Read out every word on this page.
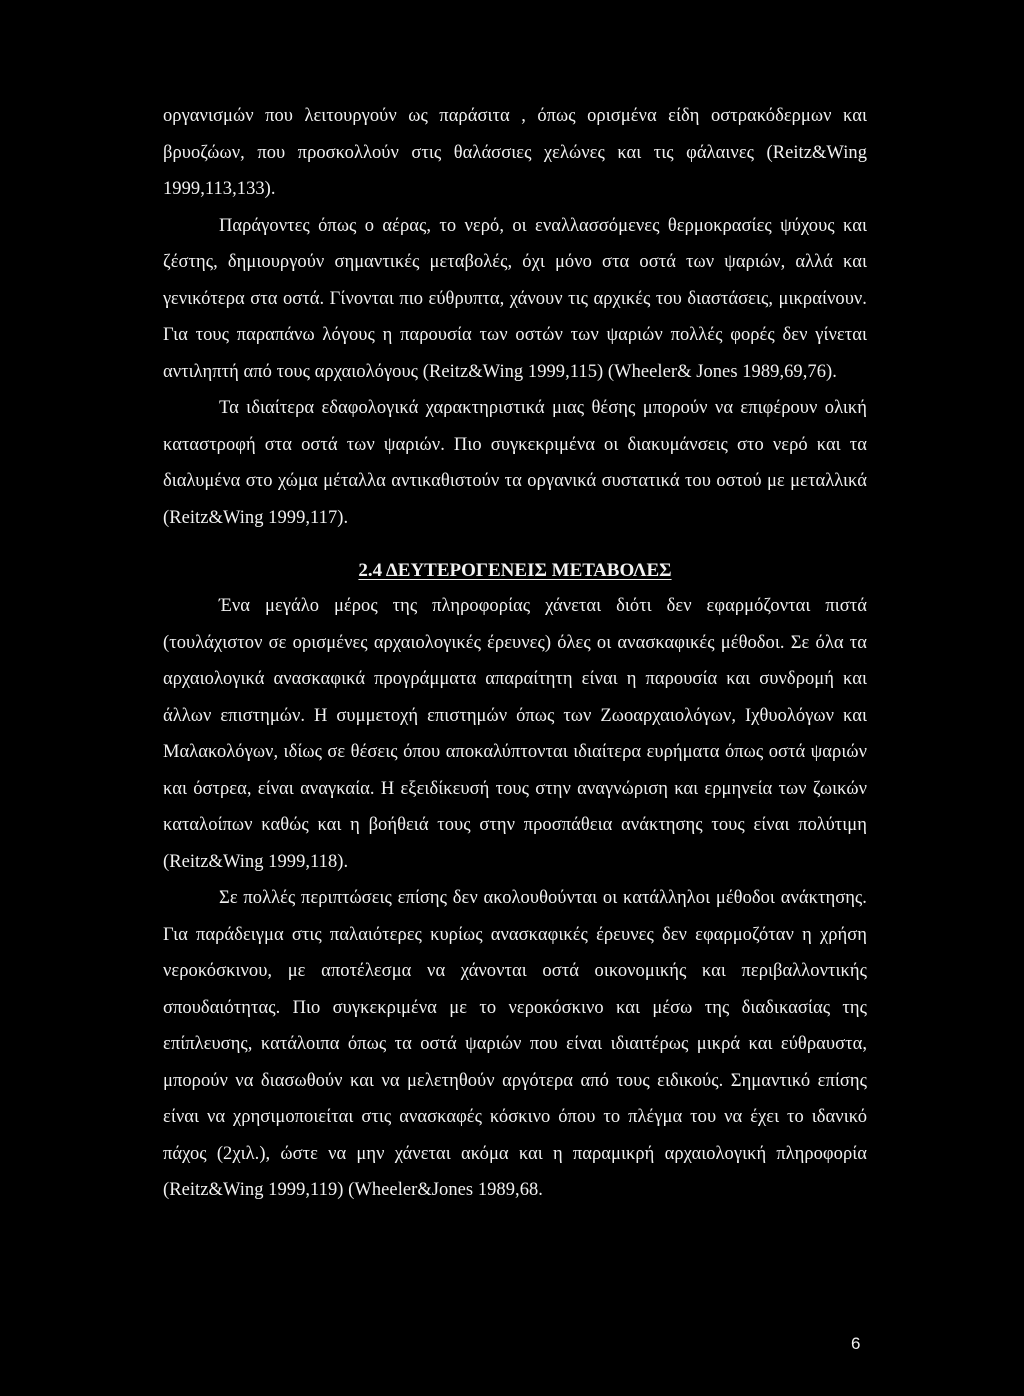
οργανισμών που λειτουργούν ως παράσιτα , όπως ορισμένα είδη οστρακόδερμων και βρυοζώων, που προσκολλούν στις θαλάσσιες χελώνες και τις φάλαινες (Reitz&Wing 1999,113,133).

Παράγοντες όπως ο αέρας, το νερό, οι εναλλασσόμενες θερμοκρασίες ψύχους και ζέστης, δημιουργούν σημαντικές μεταβολές, όχι μόνο στα οστά των ψαριών, αλλά και γενικότερα στα οστά. Γίνονται πιο εύθρυπτα, χάνουν τις αρχικές του διαστάσεις, μικραίνουν. Για τους παραπάνω λόγους η παρουσία των οστών των ψαριών πολλές φορές δεν γίνεται αντιληπτή από τους αρχαιολόγους (Reitz&Wing 1999,115) (Wheeler& Jones 1989,69,76).

Τα ιδιαίτερα εδαφολογικά χαρακτηριστικά μιας θέσης μπορούν να επιφέρουν ολική καταστροφή στα οστά των ψαριών. Πιο συγκεκριμένα οι διακυμάνσεις στο νερό και τα διαλυμένα στο χώμα μέταλλα αντικαθιστούν τα οργανικά συστατικά του οστού με μεταλλικά (Reitz&Wing 1999,117).

2.4 ΔΕΥΤΕΡΟΓΕΝΕΙΣ ΜΕΤΑΒΟΛΕΣ

Ένα μεγάλο μέρος της πληροφορίας χάνεται διότι δεν εφαρμόζονται πιστά (τουλάχιστον σε ορισμένες αρχαιολογικές έρευνες) όλες οι ανασκαφικές μέθοδοι. Σε όλα τα αρχαιολογικά ανασκαφικά προγράμματα απαραίτητη είναι η παρουσία και συνδρομή και άλλων επιστημών. Η συμμετοχή επιστημών όπως των Ζωοαρχαιολόγων, Ιχθυολόγων και Μαλακολόγων, ιδίως σε θέσεις όπου αποκαλύπτονται ιδιαίτερα ευρήματα όπως οστά ψαριών και όστρεα, είναι αναγκαία. Η εξειδίκευσή τους στην αναγνώριση και ερμηνεία των ζωικών καταλοίπων καθώς και η βοήθειά τους στην προσπάθεια ανάκτησης τους είναι πολύτιμη (Reitz&Wing 1999,118).

Σε πολλές περιπτώσεις επίσης δεν ακολουθούνται οι κατάλληλοι μέθοδοι ανάκτησης. Για παράδειγμα στις παλαιότερες κυρίως ανασκαφικές έρευνες δεν εφαρμοζόταν η χρήση νεροκόσκινου, με αποτέλεσμα να χάνονται οστά οικονομικής και περιβαλλοντικής σπουδαιότητας. Πιο συγκεκριμένα με το νεροκόσκινο και μέσω της διαδικασίας της επίπλευσης, κατάλοιπα όπως τα οστά ψαριών που είναι ιδιαιτέρως μικρά και εύθραυστα, μπορούν να διασωθούν και να μελετηθούν αργότερα από τους ειδικούς. Σημαντικό επίσης είναι να χρησιμοποιείται στις ανασκαφές κόσκινο όπου το πλέγμα του να έχει το ιδανικό πάχος (2χιλ.), ώστε να μην χάνεται ακόμα και η παραμικρή αρχαιολογική πληροφορία (Reitz&Wing 1999,119) (Wheeler&Jones 1989,68.

6
